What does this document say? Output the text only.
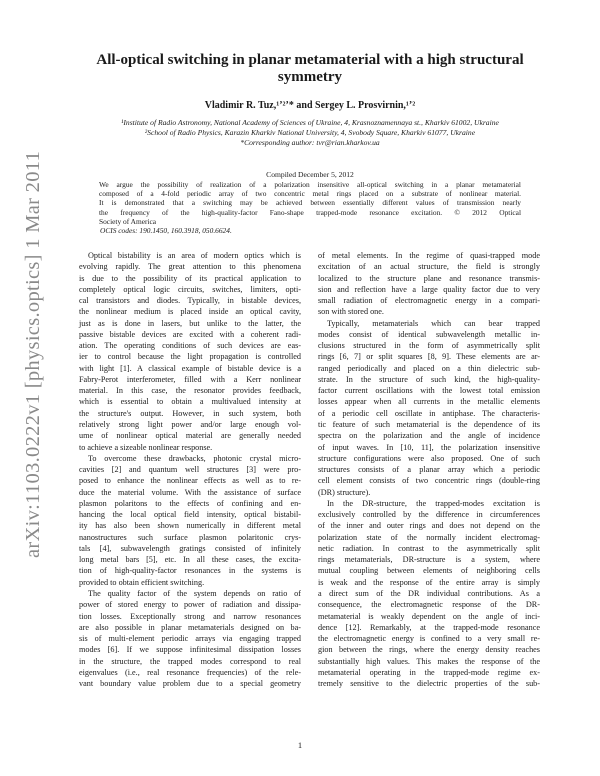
arXiv:1103.0222v1 [physics.optics] 1 Mar 2011
All-optical switching in planar metamaterial with a high structural
symmetry
Vladimir R. Tuz,¹ʼ²ʼ* and Sergey L. Prosvirnin,¹ʼ²
¹Institute of Radio Astronomy, National Academy of Sciences of Ukraine, 4, Krasnoznamennaya st., Kharkiv 61002, Ukraine
²School of Radio Physics, Karazin Kharkiv National University, 4, Svobody Square, Kharkiv 61077, Ukraine
*Corresponding author: tvr@rian.kharkov.ua
Compiled December 5, 2012
We argue the possibility of realization of a polarization insensitive all-optical switching in a planar metamaterial
composed of a 4-fold periodic array of two concentric metal rings placed on a substrate of nonlinear material.
It is demonstrated that a switching may be achieved between essentially different values of transmission nearly
the frequency of the high-quality-factor Fano-shape trapped-mode resonance excitation. © 2012 Optical
Society of America
OCIS codes: 190.1450, 160.3918, 050.6624.
Optical bistability is an area of modern optics which is
evolving rapidly. The great attention to this phenomena
is due to the possibility of its practical application to
completely optical logic circuits, switches, limiters, opti-
cal transistors and diodes. Typically, in bistable devices,
the nonlinear medium is placed inside an optical cavity,
just as is done in lasers, but unlike to the latter, the
passive bistable devices are excited with a coherent radi-
ation. The operating conditions of such devices are eas-
ier to control because the light propagation is controlled
with light [1]. A classical example of bistable device is a
Fabry-Perot interferometer, filled with a Kerr nonlinear
material. In this case, the resonator provides feedback,
which is essential to obtain a multivalued intensity at
the structure's output. However, in such system, both
relatively strong light power and/or large enough vol-
ume of nonlinear optical material are generally needed
to achieve a sizeable nonlinear response.
To overcome these drawbacks, photonic crystal micro-
cavities [2] and quantum well structures [3] were pro-
posed to enhance the nonlinear effects as well as to re-
duce the material volume. With the assistance of surface
plasmon polaritons to the effects of confining and en-
hancing the local optical field intensity, optical bistabil-
ity has also been shown numerically in different metal
nanostructures such surface plasmon polaritonic crys-
tals [4], subwavelength gratings consisted of infinitely
long metal bars [5], etc. In all these cases, the excita-
tion of high-quality-factor resonances in the systems is
provided to obtain efficient switching.
The quality factor of the system depends on ratio of
power of stored energy to power of radiation and dissipa-
tion losses. Exceptionally strong and narrow resonances
are also possible in planar metamaterials designed on ba-
sis of multi-element periodic arrays via engaging trapped
modes [6]. If we suppose infinitesimal dissipation losses
in the structure, the trapped modes correspond to real
eigenvalues (i.e., real resonance frequencies) of the rele-
vant boundary value problem due to a special geometry
of metal elements. In the regime of quasi-trapped mode
excitation of an actual structure, the field is strongly
localized to the structure plane and resonance transmis-
sion and reflection have a large quality factor due to very
small radiation of electromagnetic energy in a compari-
son with stored one.
Typically, metamaterials which can bear trapped
modes consist of identical subwavelength metallic in-
clusions structured in the form of asymmetrically split
rings [6, 7] or split squares [8, 9]. These elements are ar-
ranged periodically and placed on a thin dielectric sub-
strate. In the structure of such kind, the high-quality-
factor current oscillations with the lowest total emission
losses appear when all currents in the metallic elements
of a periodic cell oscillate in antiphase. The characteris-
tic feature of such metamaterial is the dependence of its
spectra on the polarization and the angle of incidence
of input waves. In [10, 11], the polarization insensitive
structure configurations were also proposed. One of such
structures consists of a planar array which a periodic
cell element consists of two concentric rings (double-ring
(DR) structure).
In the DR-structure, the trapped-modes excitation is
exclusively controlled by the difference in circumferences
of the inner and outer rings and does not depend on the
polarization state of the normally incident electromag-
netic radiation. In contrast to the asymmetrically split
rings metamaterials, DR-structure is a system, where
mutual coupling between elements of neighboring cells
is weak and the response of the entire array is simply
a direct sum of the DR individual contributions. As a
consequence, the electromagnetic response of the DR-
metamaterial is weakly dependent on the angle of inci-
dence [12]. Remarkably, at the trapped-mode resonance
the electromagnetic energy is confined to a very small re-
gion between the rings, where the energy density reaches
substantially high values. This makes the response of the
metamaterial operating in the trapped-mode regime ex-
tremely sensitive to the dielectric properties of the sub-
1
